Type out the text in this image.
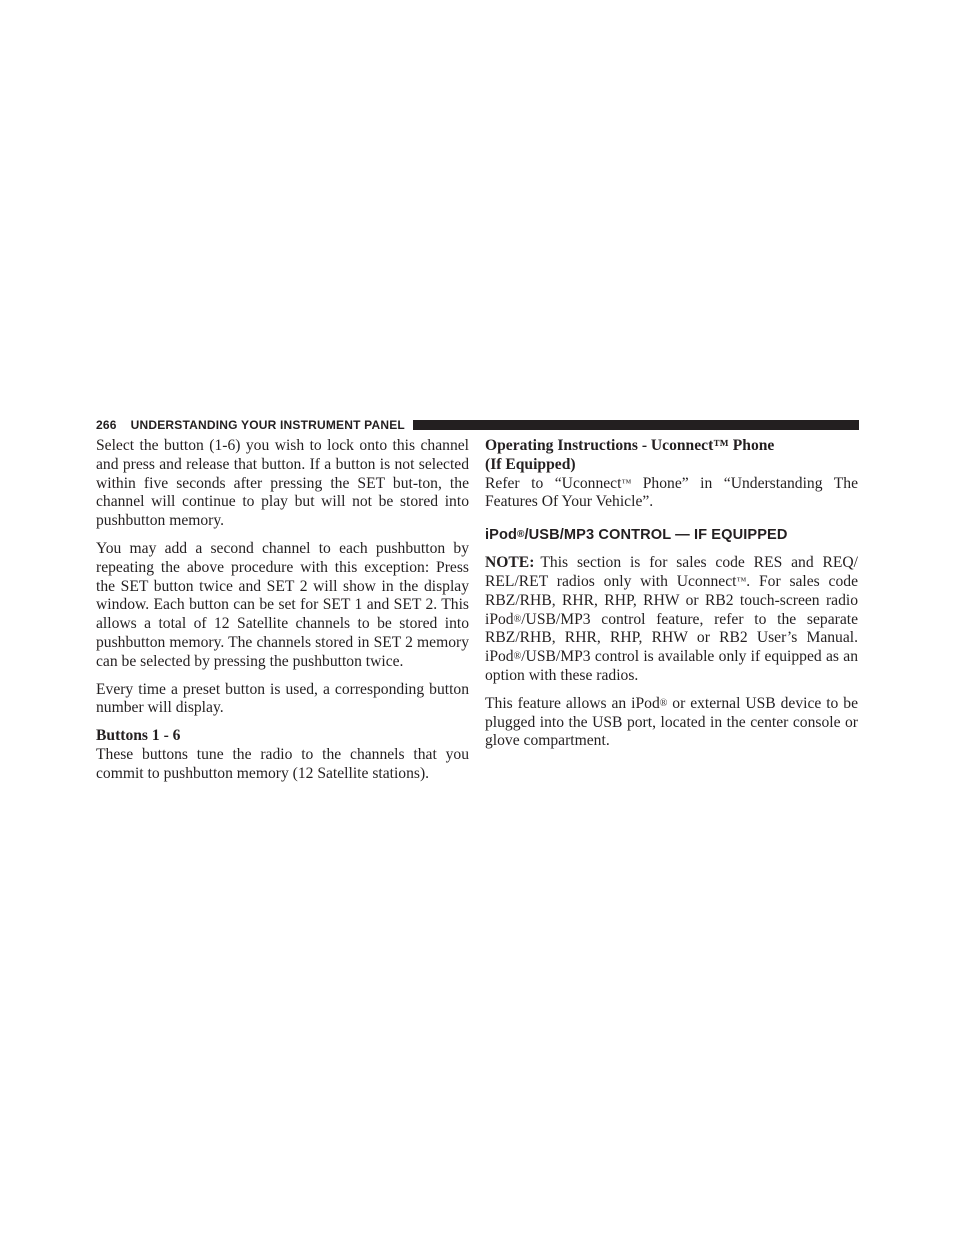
266 UNDERSTANDING YOUR INSTRUMENT PANEL

Select the button (1-6) you wish to lock onto this channel and press and release that button. If a button is not selected within five seconds after pressing the SET but-ton, the channel will continue to play but will not be stored into pushbutton memory.

You may add a second channel to each pushbutton by repeating the above procedure with this exception: Press the SET button twice and SET 2 will show in the display window. Each button can be set for SET 1 and SET 2. This allows a total of 12 Satellite channels to be stored into pushbutton memory. The channels stored in SET 2 memory can be selected by pressing the pushbutton twice.

Every time a preset button is used, a corresponding button number will display.

Buttons 1 - 6

These buttons tune the radio to the channels that you commit to pushbutton memory (12 Satellite stations).

Operating Instructions - Uconnect™ Phone
(If Equipped)

Refer to “Uconnect™ Phone” in “Understanding The Features Of Your Vehicle”.

iPod®/USB/MP3 CONTROL — IF EQUIPPED

NOTE: This section is for sales code RES and REQ/ REL/RET radios only with Uconnect™. For sales code RBZ/RHB, RHR, RHP, RHW or RB2 touch-screen radio iPod®/USB/MP3 control feature, refer to the separate RBZ/RHB, RHR, RHP, RHW or RB2 User’s Manual. iPod®/USB/MP3 control is available only if equipped as an option with these radios.

This feature allows an iPod® or external USB device to be plugged into the USB port, located in the center console or glove compartment.
